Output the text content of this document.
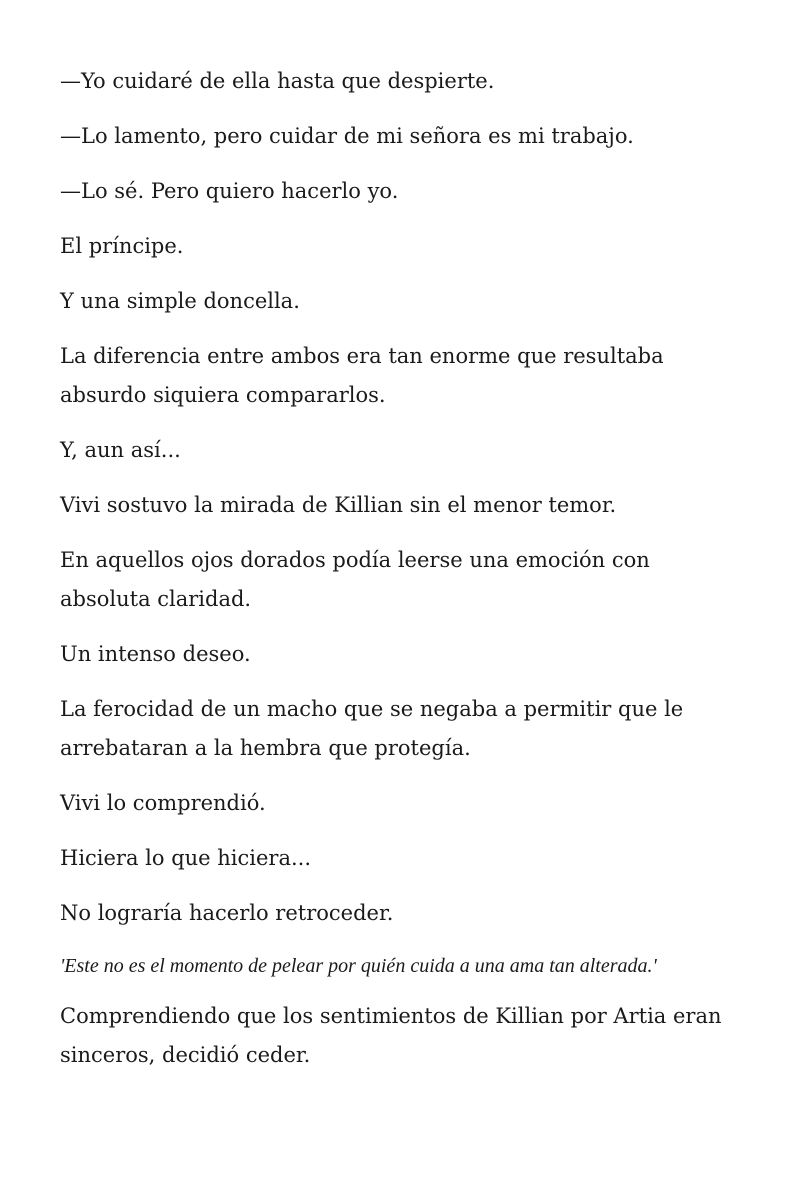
—Yo cuidaré de ella hasta que despierte.

—Lo lamento, pero cuidar de mi señora es mi trabajo.

—Lo sé. Pero quiero hacerlo yo.

El príncipe.

Y una simple doncella.

La diferencia entre ambos era tan enorme que resultaba absurdo siquiera compararlos.

Y, aun así...

Vivi sostuvo la mirada de Killian sin el menor temor.

En aquellos ojos dorados podía leerse una emoción con absoluta claridad.

Un intenso deseo.

La ferocidad de un macho que se negaba a permitir que le arrebataran a la hembra que protegía.

Vivi lo comprendió.

Hiciera lo que hiciera...

No lograría hacerlo retroceder.

'Este no es el momento de pelear por quién cuida a una ama tan alterada.'

Comprendiendo que los sentimientos de Killian por Artia eran sinceros, decidió ceder.
